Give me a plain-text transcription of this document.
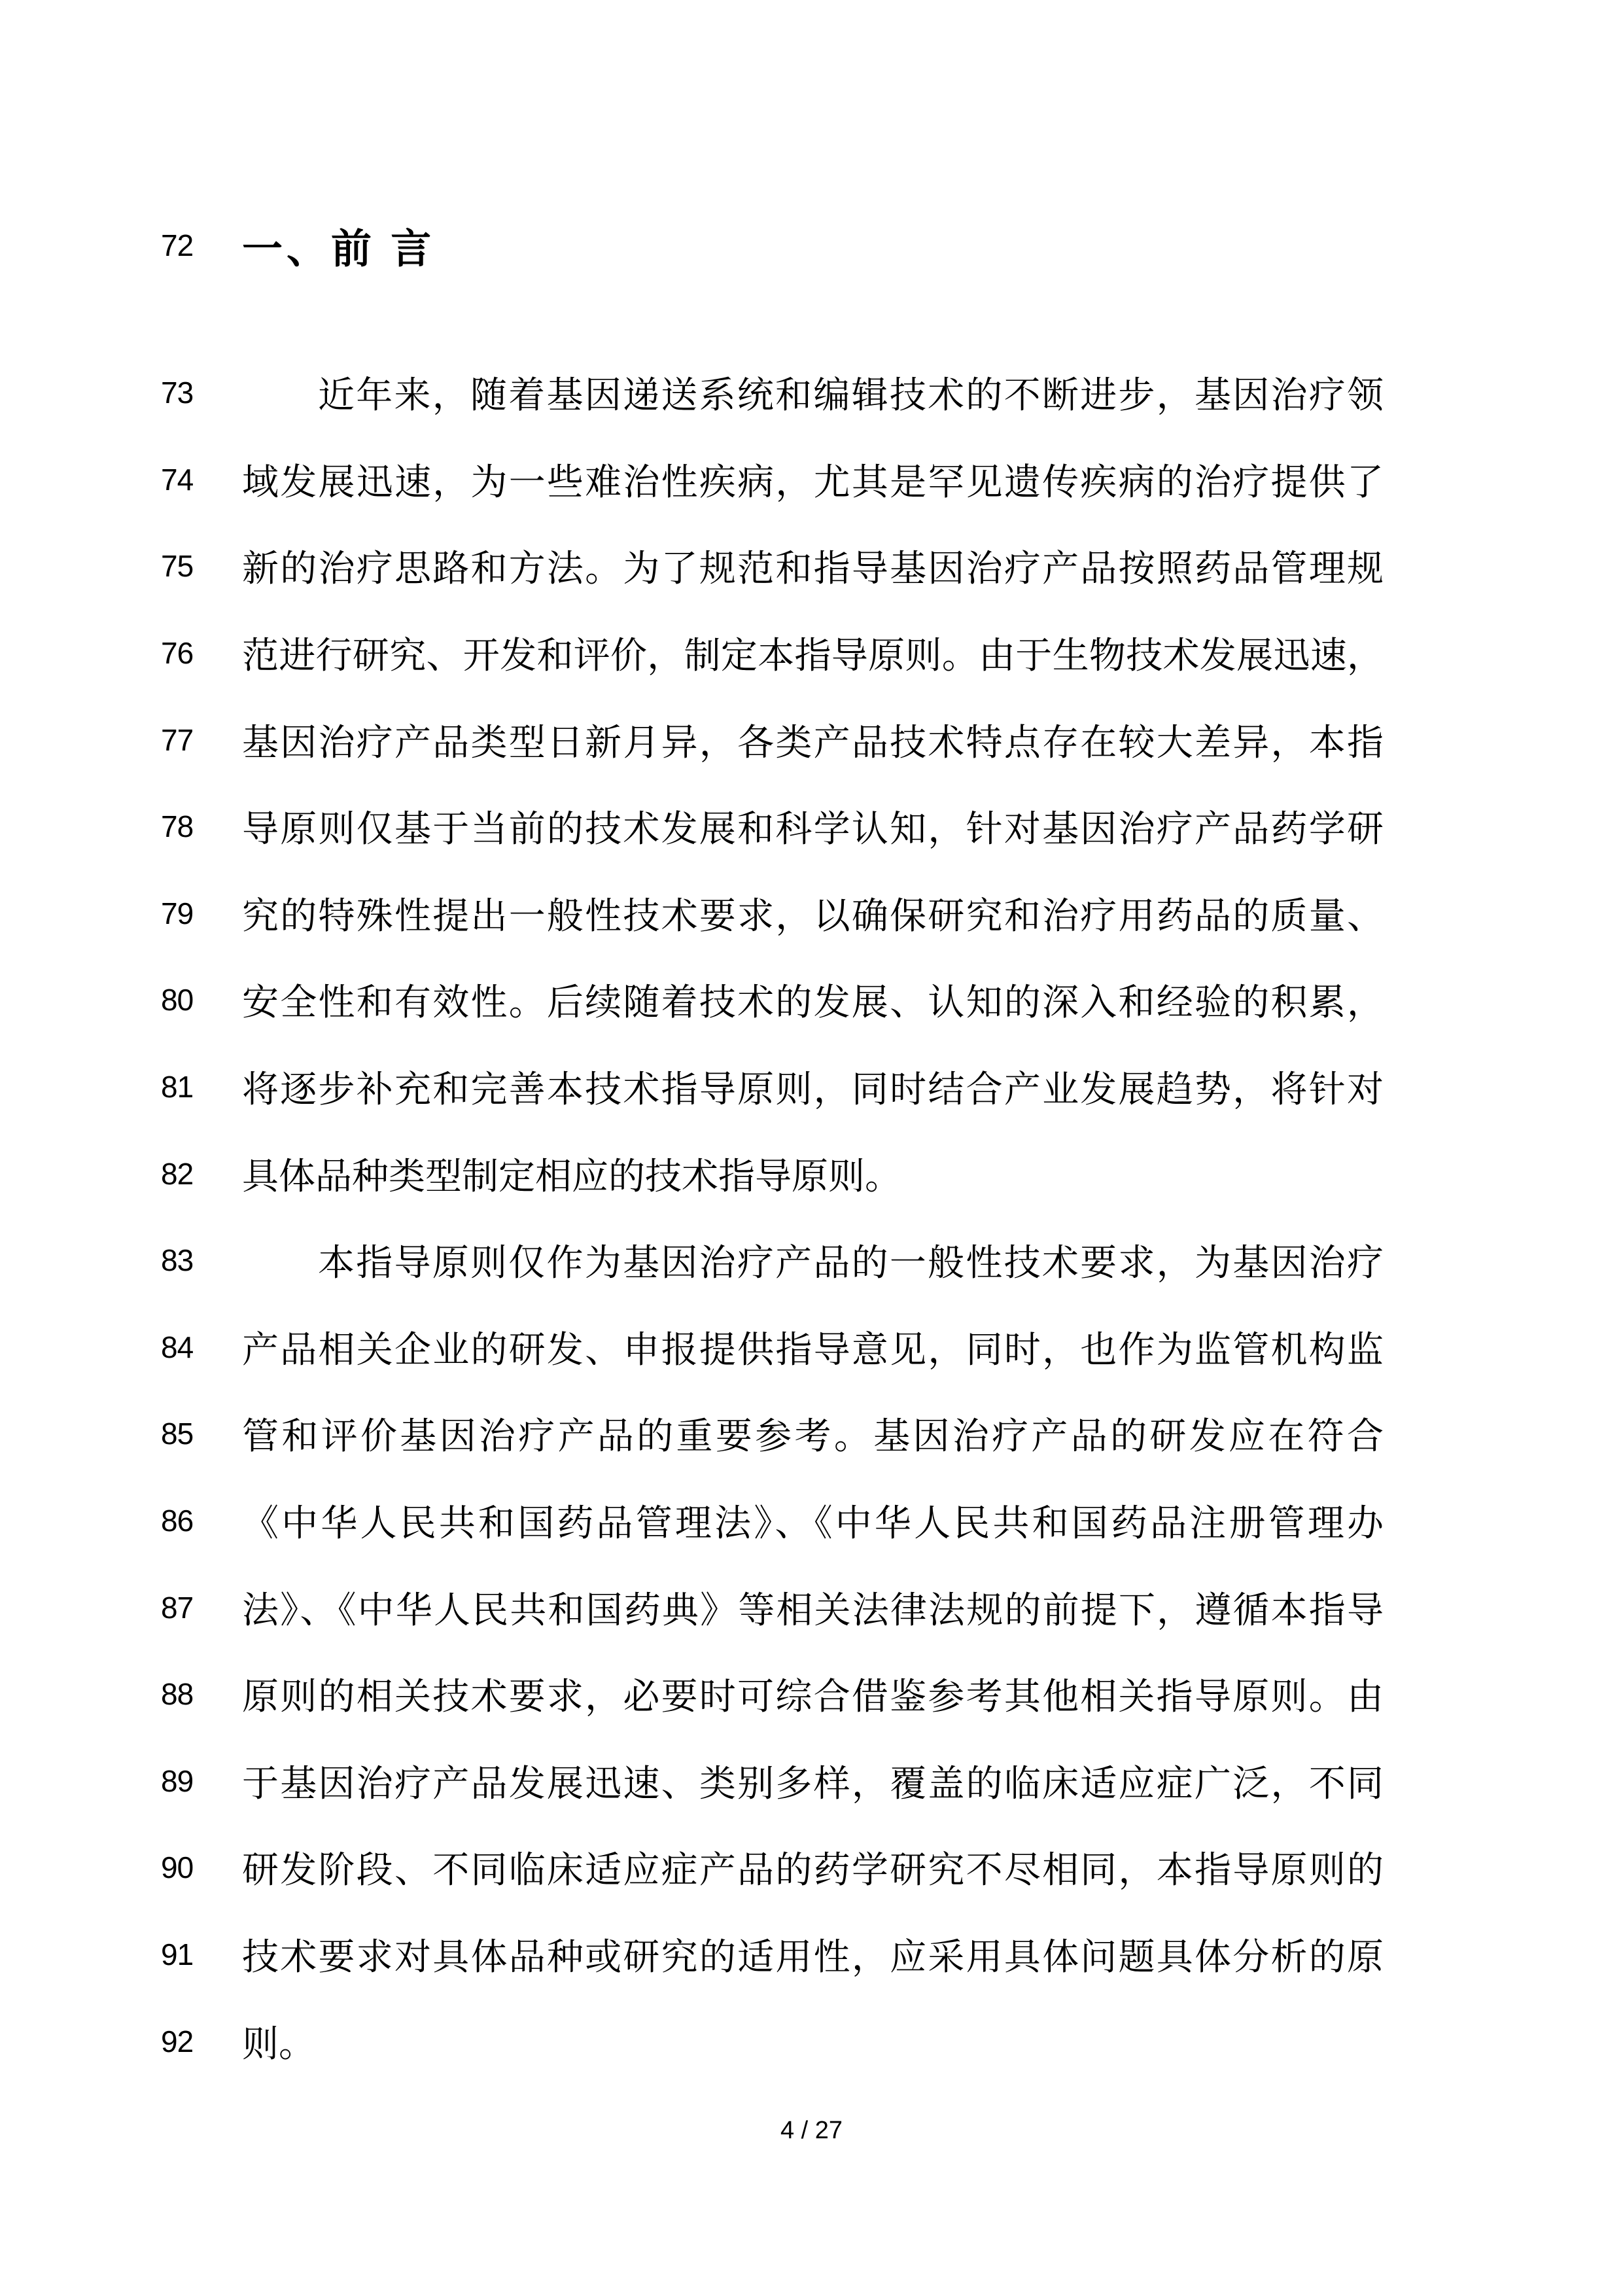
72 一、前 言
73	近年来，随着基因递送系统和编辑技术的不断进步，基因治疗领
74 域发展迅速，为一些难治性疾病，尤其是罕见遗传疾病的治疗提供了
75 新的治疗思路和方法。为了规范和指导基因治疗产品按照药品管理规
76 范进行研究、开发和评价，制定本指导原则。由于生物技术发展迅速，
77 基因治疗产品类型日新月异，各类产品技术特点存在较大差异，本指
78 导原则仅基于当前的技术发展和科学认知，针对基因治疗产品药学研
79 究的特殊性提出一般性技术要求，以确保研究和治疗用药品的质量、
80 安全性和有效性。后续随着技术的发展、认知的深入和经验的积累，
81 将逐步补充和完善本技术指导原则，同时结合产业发展趋势，将针对
82 具体品种类型制定相应的技术指导原则。
83	本指导原则仅作为基因治疗产品的一般性技术要求，为基因治疗
84 产品相关企业的研发、申报提供指导意见，同时，也作为监管机构监
85 管和评价基因治疗产品的重要参考。基因治疗产品的研发应在符合
86 《中华人民共和国药品管理法》、《中华人民共和国药品注册管理办
87 法》、《中华人民共和国药典》等相关法律法规的前提下，遵循本指导
88 原则的相关技术要求，必要时可综合借鉴参考其他相关指导原则。由
89 于基因治疗产品发展迅速、类别多样，覆盖的临床适应症广泛，不同
90 研发阶段、不同临床适应症产品的药学研究不尽相同，本指导原则的
91 技术要求对具体品种或研究的适用性，应采用具体问题具体分析的原
92 则。
4 / 27
